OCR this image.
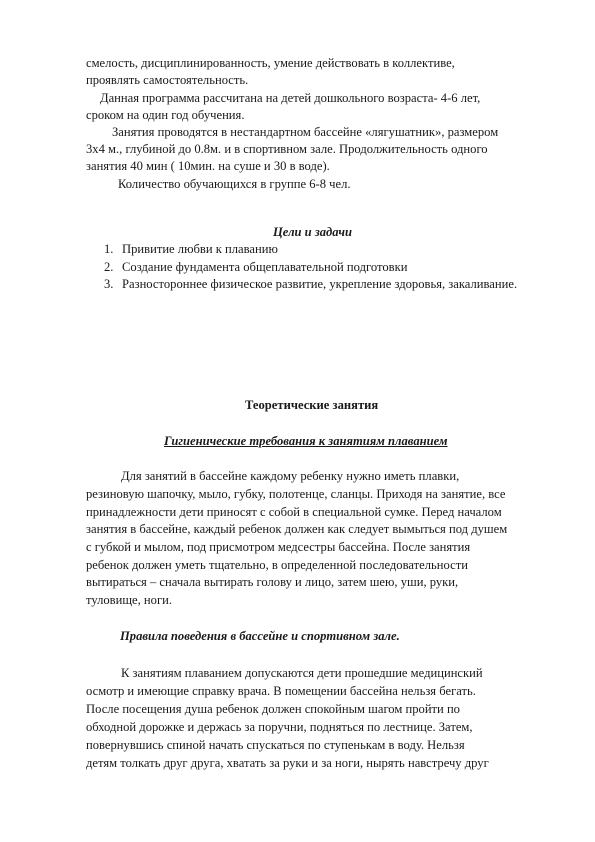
смелость, дисциплинированность, умение действовать в коллективе,

проявлять самостоятельность.

Данная программа рассчитана на детей дошкольного возраста- 4-6 лет,

сроком на один год обучения.

Занятия проводятся в нестандартном бассейне «лягушатник», размером

3х4 м., глубиной до 0.8м. и в спортивном зале. Продолжительность одного

занятия 40 мин ( 10мин. на суше и 30 в воде).

Количество обучающихся в группе 6-8 чел.

Цели и задачи

1. Привитие любви к плаванию

2. Создание фундамента общеплавательной подготовки

3. Разностороннее физическое развитие, укрепление здоровья, закаливание.

Теоретические занятия

Гигиенические требования к занятиям плаванием

Для занятий в бассейне каждому ребенку нужно иметь плавки,

резиновую шапочку, мыло, губку, полотенце, сланцы. Приходя на занятие, все

принадлежности дети приносят с собой в специальной сумке. Перед началом

занятия в бассейне, каждый ребенок должен как следует вымыться под душем

с губкой и мылом, под присмотром медсестры бассейна. После занятия

ребенок должен уметь тщательно, в определенной последовательности

вытираться – сначала вытирать голову и лицо, затем шею, уши, руки,

туловище, ноги.

Правила поведения в бассейне и спортивном зале.

К занятиям плаванием допускаются дети прошедшие медицинский

осмотр и имеющие справку врача. В помещении бассейна нельзя бегать.

После посещения душа ребенок должен спокойным шагом пройти по

обходной дорожке и держась за поручни, подняться по лестнице. Затем,

повернувшись спиной начать спускаться по ступенькам в воду. Нельзя

детям толкать друг друга, хватать за руки и за ноги, нырять навстречу друг
